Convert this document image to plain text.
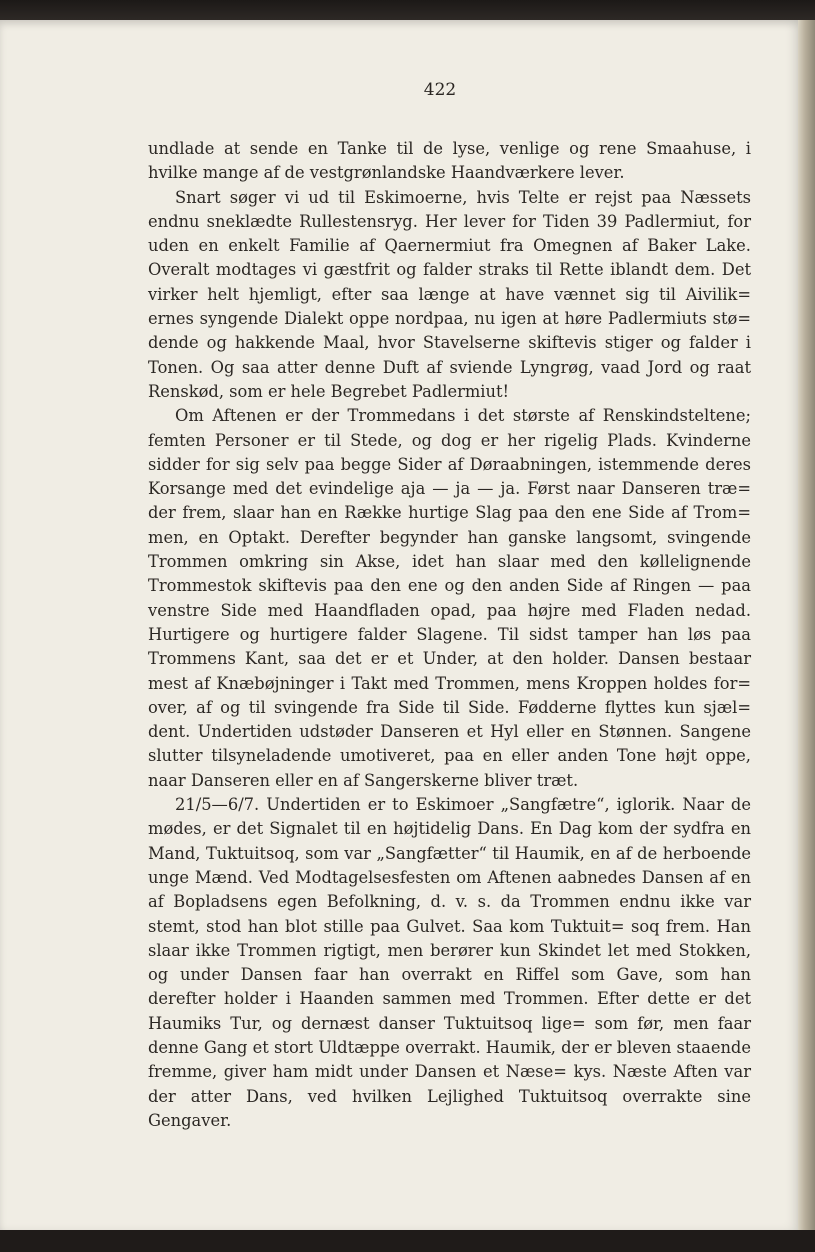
422

undlade at sende en Tanke til de lyse, venlige og rene Smaahuse, i hvilke mange af de vestgrønlandske Haandværkere lever.

Snart søger vi ud til Eskimoerne, hvis Telte er rejst paa Næssets endnu sneklædte Rullestensryg. Her lever for Tiden 39 Padlermiut, for uden en enkelt Familie af Qaernermiut fra Omegnen af Baker Lake. Overalt modtages vi gæstfrit og falder straks til Rette iblandt dem. Det virker helt hjemligt, efter saa længe at have vænnet sig til Aivilik= ernes syngende Dialekt oppe nordpaa, nu igen at høre Padlermiuts stø= dende og hakkende Maal, hvor Stavelserne skiftevis stiger og falder i Tonen. Og saa atter denne Duft af sviende Lyngrøg, vaad Jord og raat Renskød, som er hele Begrebet Padlermiut!

Om Aftenen er der Trommedans i det største af Renskindsteltene; femten Personer er til Stede, og dog er her rigelig Plads. Kvinderne sidder for sig selv paa begge Sider af Døraabningen, istemmende deres Korsange med det evindelige aja — ja — ja. Først naar Danseren træ= der frem, slaar han en Række hurtige Slag paa den ene Side af Trom= men, en Optakt. Derefter begynder han ganske langsomt, svingende Trommen omkring sin Akse, idet han slaar med den køllelignende Trommestok skiftevis paa den ene og den anden Side af Ringen — paa venstre Side med Haandfladen opad, paa højre med Fladen nedad. Hurtigere og hurtigere falder Slagene. Til sidst tamper han løs paa Trommens Kant, saa det er et Under, at den holder. Dansen bestaar mest af Knæbøjninger i Takt med Trommen, mens Kroppen holdes for= over, af og til svingende fra Side til Side. Fødderne flyttes kun sjæl= dent. Undertiden udstøder Danseren et Hyl eller en Stønnen. Sangene slutter tilsyneladende umotiveret, paa en eller anden Tone højt oppe, naar Danseren eller en af Sangerskerne bliver træt.

21/5—6/7. Undertiden er to Eskimoer „Sangfætre“, iglorik. Naar de mødes, er det Signalet til en højtidelig Dans. En Dag kom der sydfra en Mand, Tuktuitsoq, som var „Sangfætter“ til Haumik, en af de herboende unge Mænd. Ved Modtagelsesfesten om Aftenen aabnedes Dansen af en af Bopladsens egen Befolkning, d. v. s. da Trommen endnu ikke var stemt, stod han blot stille paa Gulvet. Saa kom Tuktuit= soq frem. Han slaar ikke Trommen rigtigt, men berører kun Skindet let med Stokken, og under Dansen faar han overrakt en Riffel som Gave, som han derefter holder i Haanden sammen med Trommen. Efter dette er det Haumiks Tur, og dernæst danser Tuktuitsoq lige= som før, men faar denne Gang et stort Uldtæppe overrakt. Haumik, der er bleven staaende fremme, giver ham midt under Dansen et Næse= kys. Næste Aften var der atter Dans, ved hvilken Lejlighed Tuktuitsoq overrakte sine Gengaver.
